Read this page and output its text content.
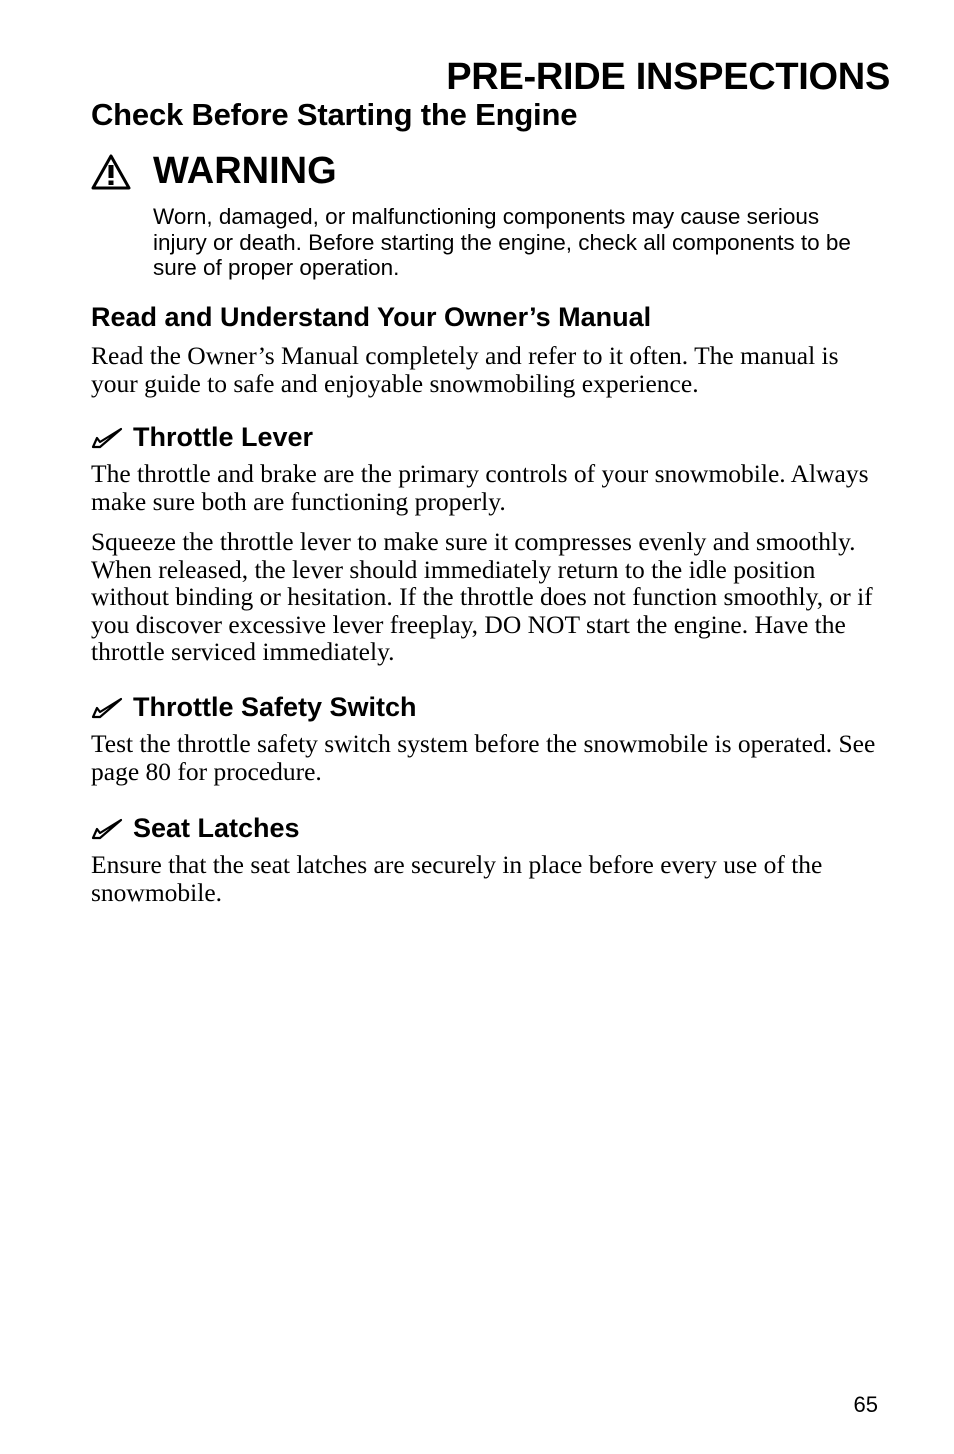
PRE-RIDE INSPECTIONS
Check Before Starting the Engine
WARNING

Worn, damaged, or malfunctioning components may cause serious injury or death. Before starting the engine, check all components to be sure of proper operation.

Read and Understand Your Owner’s Manual

Read the Owner’s Manual completely and refer to it often. The manual is your guide to safe and enjoyable snowmobiling experience.

Throttle Lever

The throttle and brake are the primary controls of your snowmobile. Always make sure both are functioning properly.

Squeeze the throttle lever to make sure it compresses evenly and smoothly. When released, the lever should immediately return to the idle position without binding or hesitation. If the throttle does not function smoothly, or if you discover excessive lever freeplay, DO NOT start the engine. Have the throttle serviced immediately.

Throttle Safety Switch

Test the throttle safety switch system before the snowmobile is operated. See page 80 for procedure.

Seat Latches

Ensure that the seat latches are securely in place before every use of the snowmobile.

65
